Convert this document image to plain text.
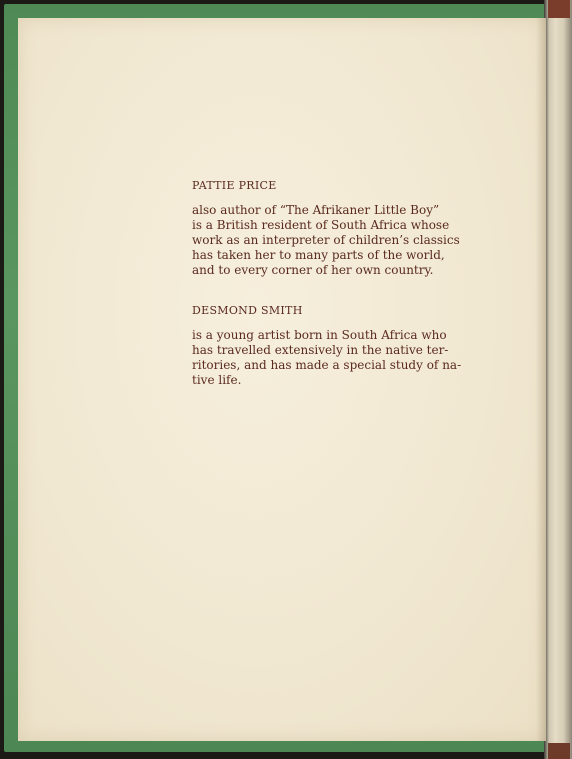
PATTIE PRICE

also author of “The Afrikaner Little Boy”
is a British resident of South Africa whose
work as an interpreter of children’s classics
has taken her to many parts of the world,
and to every corner of her own country.

DESMOND SMITH

is a young artist born in South Africa who
has travelled extensively in the native ter-
ritories, and has made a special study of na-
tive life.
